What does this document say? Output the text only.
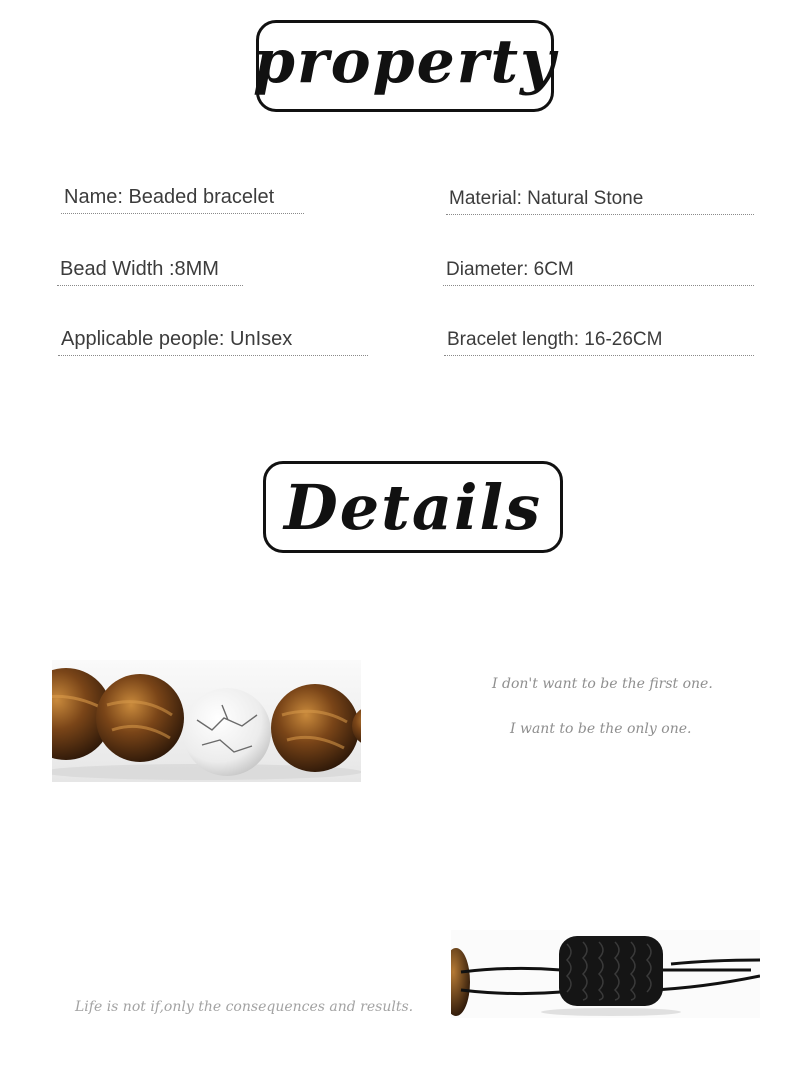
property
Name: Beaded bracelet	Material: Natural Stone
Bead Width :8MM	Diameter: 6CM
Applicable people: UnIsex	Bracelet length: 16-26CM
Details
I don't want to be the first one.
I want to be the only one.
Life is not if,only the consequences and results.
